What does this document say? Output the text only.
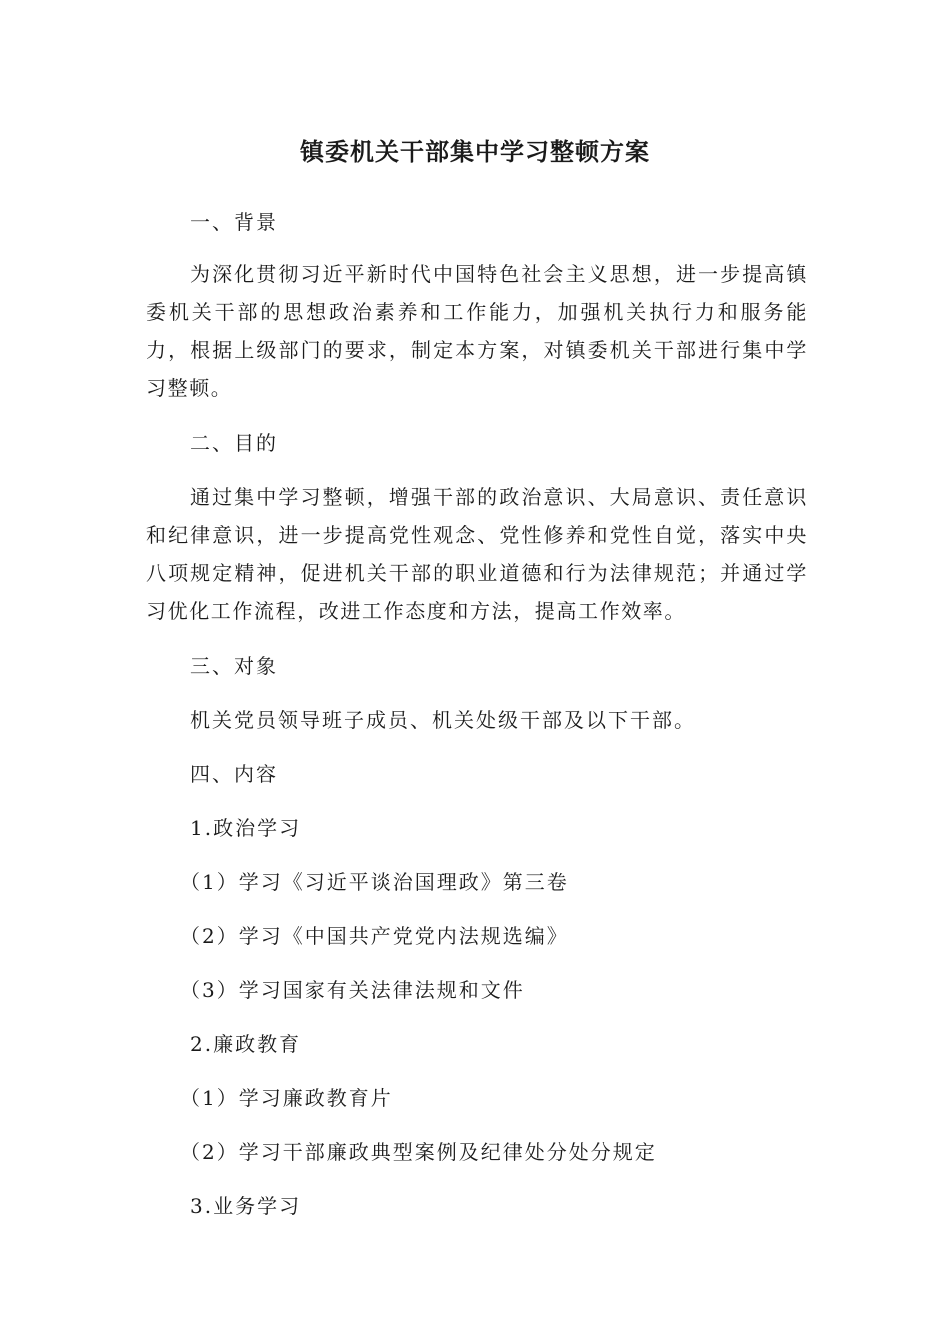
镇委机关干部集中学习整顿方案
一、背景
为深化贯彻习近平新时代中国特色社会主义思想，进一步提高镇委机关干部的思想政治素养和工作能力，加强机关执行力和服务能力，根据上级部门的要求，制定本方案，对镇委机关干部进行集中学习整顿。
二、目的
通过集中学习整顿，增强干部的政治意识、大局意识、责任意识和纪律意识，进一步提高党性观念、党性修养和党性自觉，落实中央八项规定精神，促进机关干部的职业道德和行为法律规范；并通过学习优化工作流程，改进工作态度和方法，提高工作效率。
三、对象
机关党员领导班子成员、机关处级干部及以下干部。
四、内容
1.政治学习
（1）学习《习近平谈治国理政》第三卷
（2）学习《中国共产党党内法规选编》
（3）学习国家有关法律法规和文件
2.廉政教育
（1）学习廉政教育片
（2）学习干部廉政典型案例及纪律处分处分规定
3.业务学习
